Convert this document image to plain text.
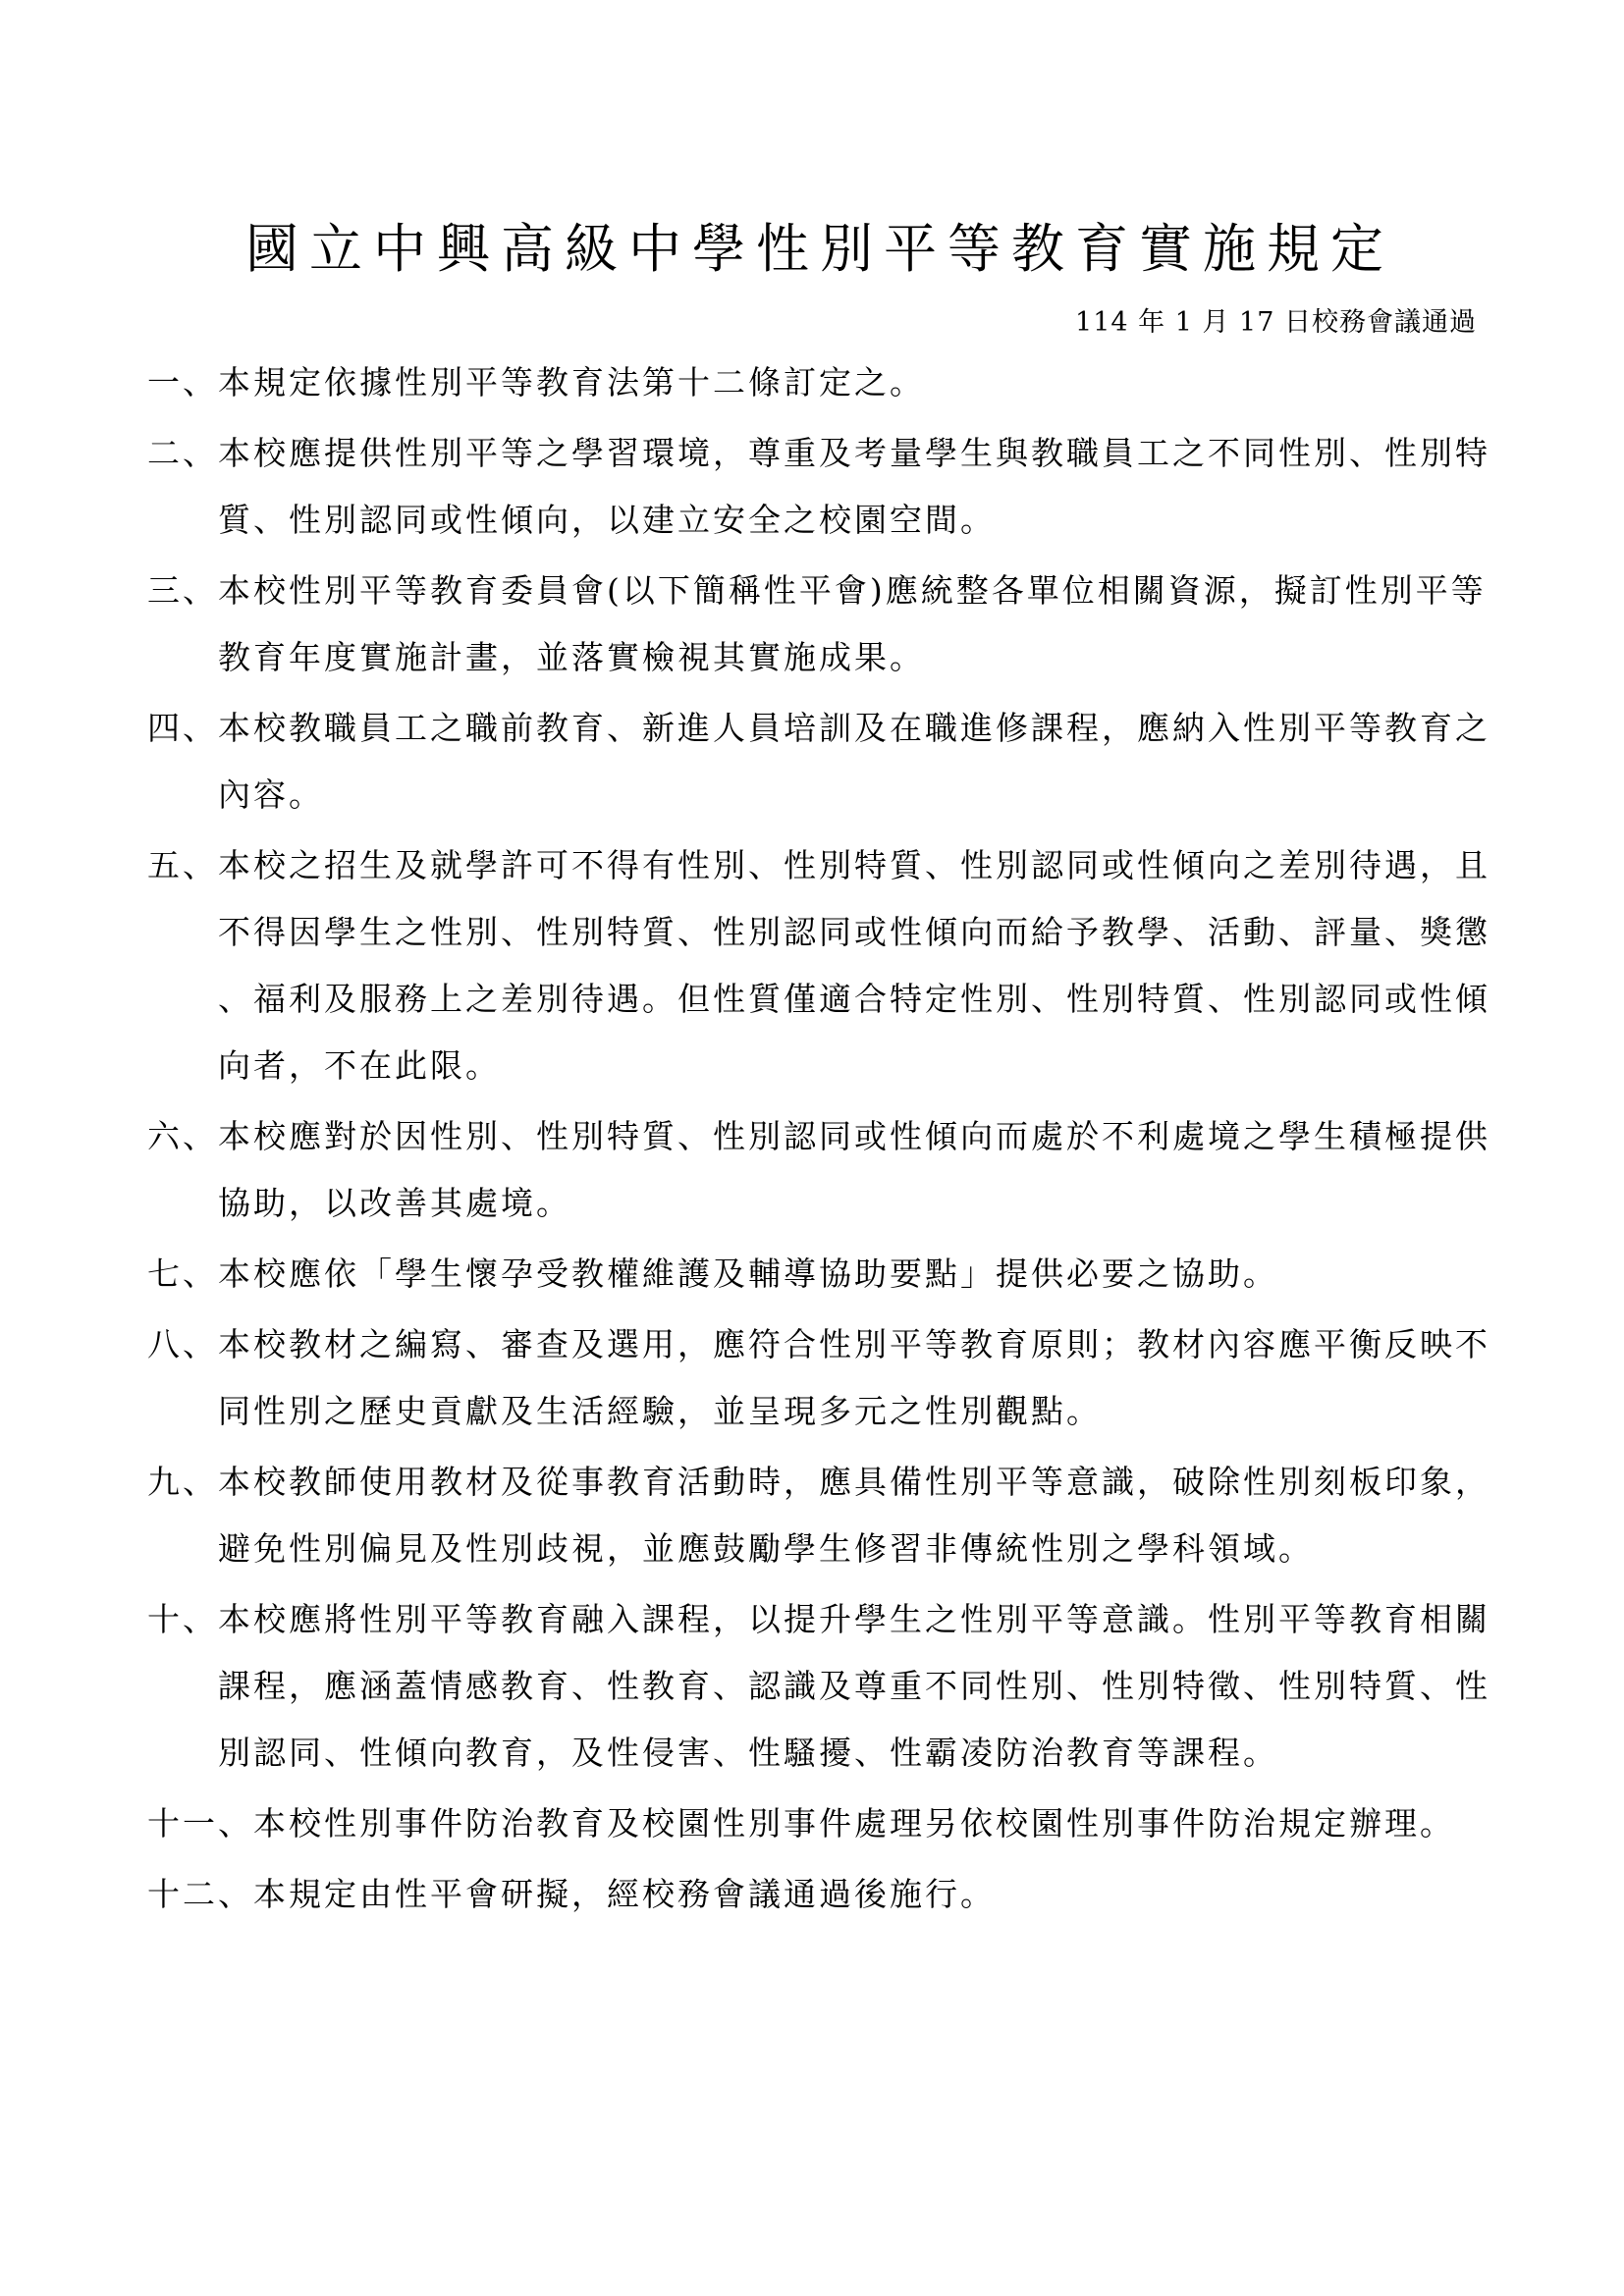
國立中興高級中學性別平等教育實施規定
114 年 1 月 17 日校務會議通過
一、 本規定依據性別平等教育法第十二條訂定之。
二、 本校應提供性別平等之學習環境，尊重及考量學生與教職員工之不同性別、性別特質、性別認同或性傾向，以建立安全之校園空間。
三、 本校性別平等教育委員會(以下簡稱性平會)應統整各單位相關資源，擬訂性別平等教育年度實施計畫，並落實檢視其實施成果。
四、 本校教職員工之職前教育、新進人員培訓及在職進修課程，應納入性別平等教育之內容。
五、 本校之招生及就學許可不得有性別、性別特質、性別認同或性傾向之差別待遇，且不得因學生之性別、性別特質、性別認同或性傾向而給予教學、活動、評量、獎懲、福利及服務上之差別待遇。但性質僅適合特定性別、性別特質、性別認同或性傾向者，不在此限。
六、 本校應對於因性別、性別特質、性別認同或性傾向而處於不利處境之學生積極提供協助，以改善其處境。
七、 本校應依「學生懷孕受教權維護及輔導協助要點」提供必要之協助。
八、 本校教材之編寫、審查及選用，應符合性別平等教育原則；教材內容應平衡反映不同性別之歷史貢獻及生活經驗，並呈現多元之性別觀點。
九、 本校教師使用教材及從事教育活動時，應具備性別平等意識，破除性別刻板印象，避免性別偏見及性別歧視，並應鼓勵學生修習非傳統性別之學科領域。
十、 本校應將性別平等教育融入課程，以提升學生之性別平等意識。性別平等教育相關課程，應涵蓋情感教育、性教育、認識及尊重不同性別、性別特徵、性別特質、性別認同、性傾向教育，及性侵害、性騷擾、性霸凌防治教育等課程。
十一、 本校性別事件防治教育及校園性別事件處理另依校園性別事件防治規定辦理。
十二、 本規定由性平會研擬，經校務會議通過後施行。
